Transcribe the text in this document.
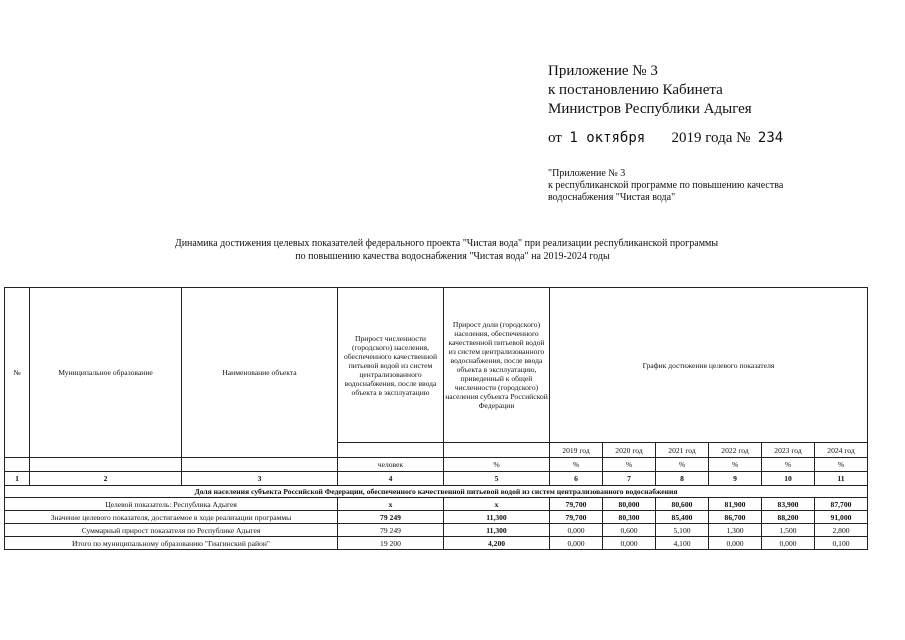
Приложение № 3
к постановлению Кабинета
Министров Республики Адыгея
от 1 октября 2019 года № 234
"Приложение № 3
к республиканской программе по повышению качества
водоснабжения "Чистая вода"
Динамика достижения целевых показателей федерального проекта "Чистая вода" при реализации республиканской программы
по повышению качества водоснабжения "Чистая вода" на 2019-2024 годы
№	Муниципальное образование	Наименование объекта	Прирост численности (городского) населения, обеспеченного качественной питьевой водой из систем централизованного водоснабжения, после ввода объекта в эксплуатацию	Прирост доли (городского) населения, обеспеченного качественной питьевой водой из систем централизованного водоснабжения, после ввода объекта в эксплуатацию, приведенный к общей численности (городского) населения субъекта Российской Федерации	График достижения целевого показателя					
					2019 год	2020 год	2021 год	2022 год	2023 год	2024 год
			человек	%	%	%	%	%	%	%
1	2	3	4	5	6	7	8	9	10	11
Доля населения субъекта Российской Федерации, обеспеченного качественной питьевой водой из систем централизованного водоснабжения										
Целевой показатель: Республика Адыгея			x	x	79,700	80,000	80,600	81,900	83,900	87,700
Значение целевого показателя, достигаемое в ходе реализации программы			79 249	11,300	79,700	80,300	85,400	86,700	88,200	91,000
Суммарный прирост показателя по Республике Адыгея			79 249	11,300	0,000	0,600	5,100	1,300	1,500	2,800
Итого по муниципальному образованию "Гиагинский район"			19 200	4,200	0,000	0,000	4,100	0,000	0,000	0,100
